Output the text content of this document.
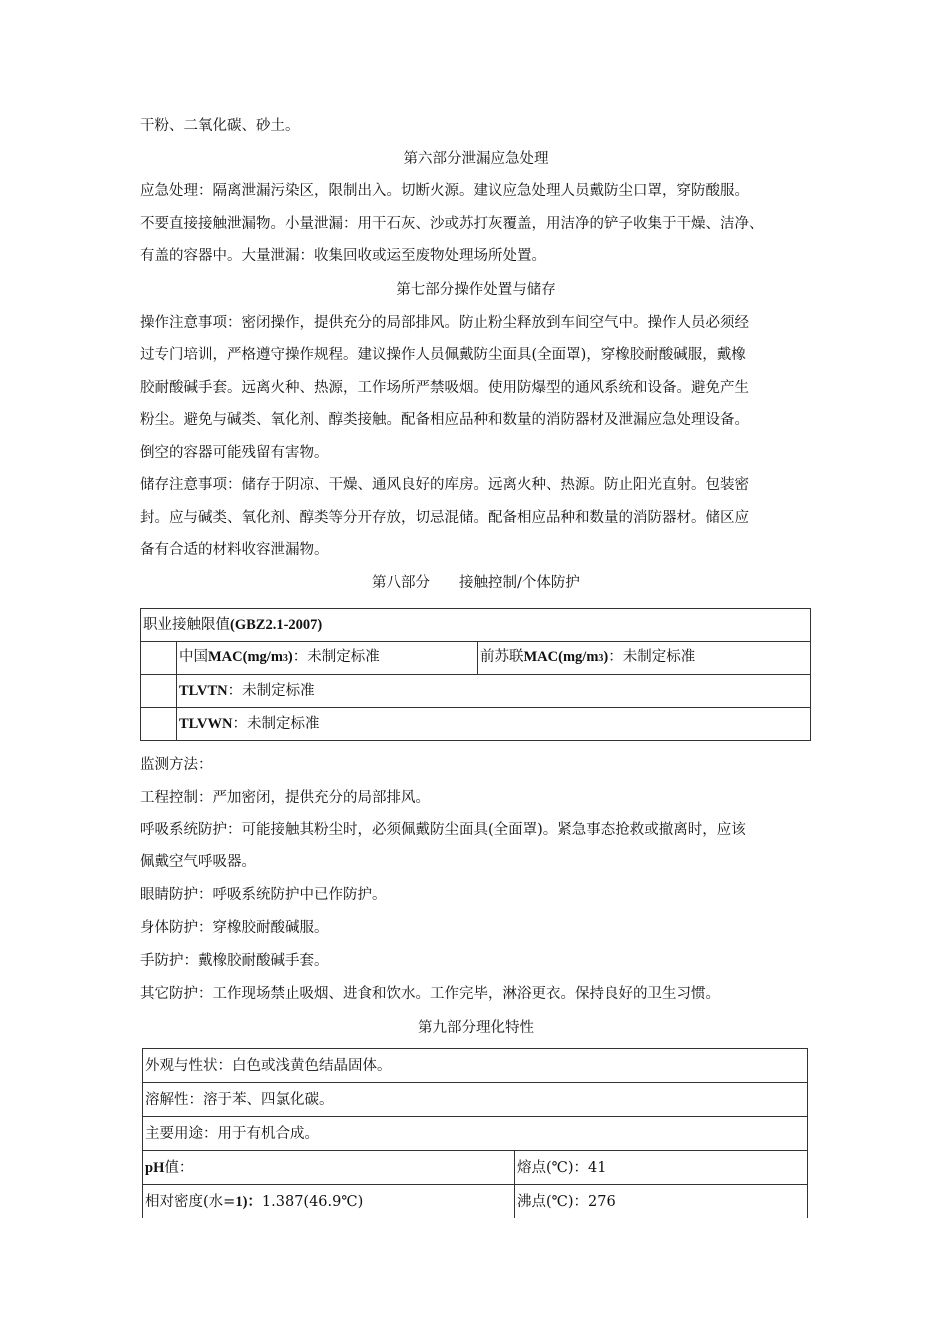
干粉、二氧化碳、砂土。
第六部分泄漏应急处理
应急处理：隔离泄漏污染区，限制出入。切断火源。建议应急处理人员戴防尘口罩，穿防酸服。
不要直接接触泄漏物。小量泄漏：用干石灰、沙或苏打灰覆盖，用洁净的铲子收集于干燥、洁净、
有盖的容器中。大量泄漏：收集回收或运至废物处理场所处置。
第七部分操作处置与储存
操作注意事项：密闭操作，提供充分的局部排风。防止粉尘释放到车间空气中。操作人员必须经
过专门培训，严格遵守操作规程。建议操作人员佩戴防尘面具(全面罩)，穿橡胶耐酸碱服，戴橡
胶耐酸碱手套。远离火种、热源，工作场所严禁吸烟。使用防爆型的通风系统和设备。避免产生
粉尘。避免与碱类、氧化剂、醇类接触。配备相应品种和数量的消防器材及泄漏应急处理设备。
倒空的容器可能残留有害物。
储存注意事项：储存于阴凉、干燥、通风良好的库房。远离火种、热源。防止阳光直射。包装密
封。应与碱类、氧化剂、醇类等分开存放，切忌混储。配备相应品种和数量的消防器材。储区应
备有合适的材料收容泄漏物。
第八部分　　接触控制/个体防护
职业接触限值(GBZ2.1-2007)		
	中国MAC(mg/m3)：未制定标准	前苏联MAC(mg/m3)：未制定标准
	TLVTN：未制定标准	
	TLVWN：未制定标准	
监测方法：
工程控制：严加密闭，提供充分的局部排风。
呼吸系统防护：可能接触其粉尘时，必须佩戴防尘面具(全面罩)。紧急事态抢救或撤离时，应该
佩戴空气呼吸器。
眼睛防护：呼吸系统防护中已作防护。
身体防护：穿橡胶耐酸碱服。
手防护：戴橡胶耐酸碱手套。
其它防护：工作现场禁止吸烟、进食和饮水。工作完毕，淋浴更衣。保持良好的卫生习惯。
第九部分理化特性
外观与性状：白色或浅黄色结晶固体。	
溶解性：溶于苯、四氯化碳。	
主要用途：用于有机合成。	
pH值：	熔点(℃)：41
相对密度(水=1)：1.387(46.9℃)	沸点(℃)：276
